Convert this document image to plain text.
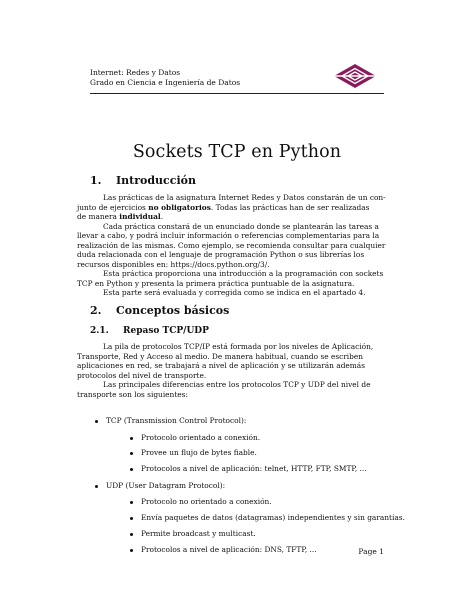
Internet: Redes y Datos
Grado en Ciencia e Ingeniería de Datos
Sockets TCP en Python
1. Introducción

Las prácticas de la asignatura Internet Redes y Datos constarán de un con-
junto de ejercicios no obligatorios. Todas las prácticas han de ser realizadas
de manera individual.

Cada práctica constará de un enunciado donde se plantearán las tareas a
llevar a cabo, y podrá incluir información o referencias complementarias para la
realización de las mismas. Como ejemplo, se recomienda consultar para cualquier
duda relacionada con el lenguaje de programación Python o sus librerías los
recursos disponibles en: https://docs.python.org/3/.

Esta práctica proporciona una introducción a la programación con sockets
TCP en Python y presenta la primera práctica puntuable de la asignatura.

Esta parte será evaluada y corregida como se indica en el apartado 4.

2. Conceptos básicos
2.1. Repaso TCP/UDP

La pila de protocolos TCP/IP está formada por los niveles de Aplicación,
Transporte, Red y Acceso al medio. De manera habitual, cuando se escriben
aplicaciones en red, se trabajará a nivel de aplicación y se utilizarán además
protocolos del nivel de transporte.

Las principales diferencias entre los protocolos TCP y UDP del nivel de
transporte son los siguientes:

TCP (Transmission Control Protocol):
Protocolo orientado a conexión.
Provee un flujo de bytes fiable.
Protocolos a nivel de aplicación: telnet, HTTP, FTP, SMTP, ...
UDP (User Datagram Protocol):
Protocolo no orientado a conexión.
Envía paquetes de datos (datagramas) independientes y sin garantías.
Permite broadcast y multicast.
Protocolos a nivel de aplicación: DNS, TFTP, ...	Page 1
